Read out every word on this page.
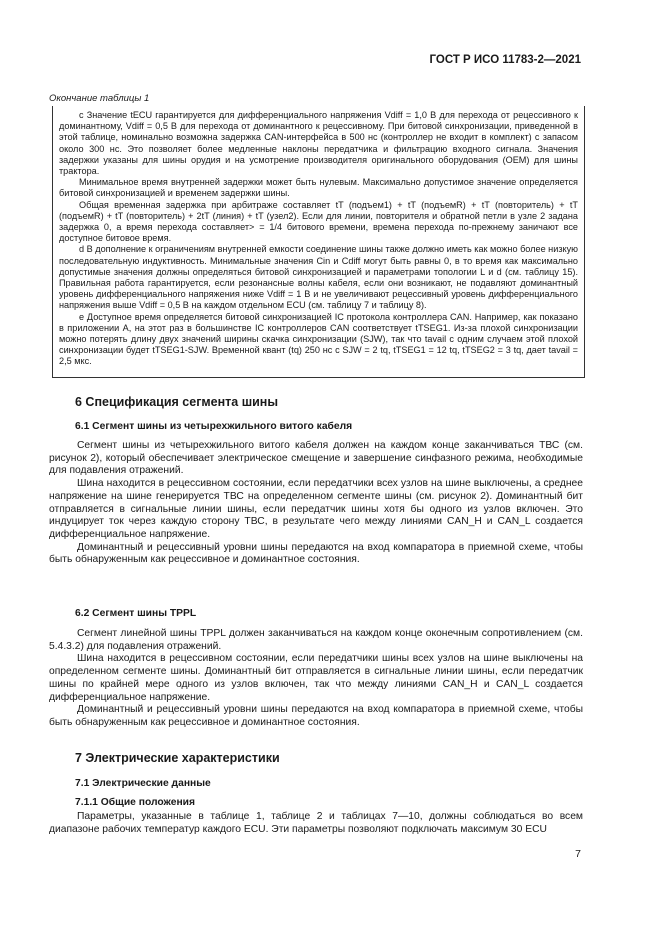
ГОСТ Р ИСО 11783-2—2021
Окончание таблицы 1

c Значение tECU гарантируется для дифференциального напряжения Vdiff = 1,0 В для перехода от рецессивного к доминантному, Vdiff = 0,5 В для перехода от доминантного к рецессивному. При битовой синхронизации, приведенной в этой таблице, номинально возможна задержка CAN-интерфейса в 500 нс (контроллер не входит в комплект) с запасом около 300 нс. Это позволяет более медленные наклоны передатчика и фильтрацию входного сигнала. Значения задержки указаны для шины орудия и на усмотрение производителя оригинального оборудования (OEM) для шины трактора.

Минимальное время внутренней задержки может быть нулевым. Максимально допустимое значение определяется битовой синхронизацией и временем задержки шины.

Общая временная задержка при арбитраже составляет tT (подъем1) + tT (подъемR) + tT (повторитель) + tT (подъемR) + tT (повторитель) + 2tT (линия) + tT (узел2). Если для линии, повторителя и обратной петли в узле 2 задана задержка 0, а время перехода составляет> = 1/4 битового времени, времена перехода по-прежнему заничают все доступное битовое время.

d В дополнение к ограничениям внутренней емкости соединение шины также должно иметь как можно более низкую последовательную индуктивность. Минимальные значения Cin и Cdiff могут быть равны 0, в то время как максимально допустимые значения должны определяться битовой синхронизацией и параметрами топологии L и d (см. таблицу 15). Правильная работа гарантируется, если резонансные волны кабеля, если они возникают, не подавляют доминантный уровень дифференциального напряжения ниже Vdiff = 1 В и не увеличивают рецессивный уровень дифференциального напряжения выше Vdiff = 0,5 В на каждом отдельном ECU (см. таблицу 7 и таблицу 8).

e Доступное время определяется битовой синхронизацией IC протокола контроллера CAN. Например, как показано в приложении А, на этот раз в большинстве IC контроллеров CAN соответствует tTSEG1. Из-за плохой синхронизации можно потерять длину двух значений ширины скачка синхронизации (SJW), так что tavail с одним случаем этой плохой синхронизации будет tTSEG1-SJW. Временной квант (tq) 250 нс с SJW = 2 tq, tTSEG1 = 12 tq, tTSEG2 = 3 tq, дает tavail = 2,5 мкс.

6 Спецификация сегмента шины
6.1 Сегмент шины из четырехжильного витого кабеля

Сегмент шины из четырехжильного витого кабеля должен на каждом конце заканчиваться ТВС (см. рисунок 2), который обеспечивает электрическое смещение и завершение синфазного режима, необходимые для подавления отражений.

Шина находится в рецессивном состоянии, если передатчики всех узлов на шине выключены, а среднее напряжение на шине генерируется ТВС на определенном сегменте шины (см. рисунок 2). Доминантный бит отправляется в сигнальные линии шины, если передатчик шины хотя бы одного из узлов включен. Это индуцирует ток через каждую сторону ТВС, в результате чего между линиями CAN_H и CAN_L создается дифференциальное напряжение.

Доминантный и рецессивный уровни шины передаются на вход компаратора в приемной схеме, чтобы быть обнаруженным как рецессивное и доминантное состояния.

6.2 Сегмент шины TPPL

Сегмент линейной шины TPPL должен заканчиваться на каждом конце оконечным сопротивлением (см. 5.4.3.2) для подавления отражений.

Шина находится в рецессивном состоянии, если передатчики шины всех узлов на шине выключены на определенном сегменте шины. Доминантный бит отправляется в сигнальные линии шины, если передатчик шины по крайней мере одного из узлов включен, так что между линиями CAN_H и CAN_L создается дифференциальное напряжение.

Доминантный и рецессивный уровни шины передаются на вход компаратора в приемной схеме, чтобы быть обнаруженным как рецессивное и доминантное состояния.

7 Электрические характеристики
7.1 Электрические данные
7.1.1 Общие положения

Параметры, указанные в таблице 1, таблице 2 и таблицах 7—10, должны соблюдаться во всем диапазоне рабочих температур каждого ECU. Эти параметры позволяют подключать максимум 30 ECU

7
